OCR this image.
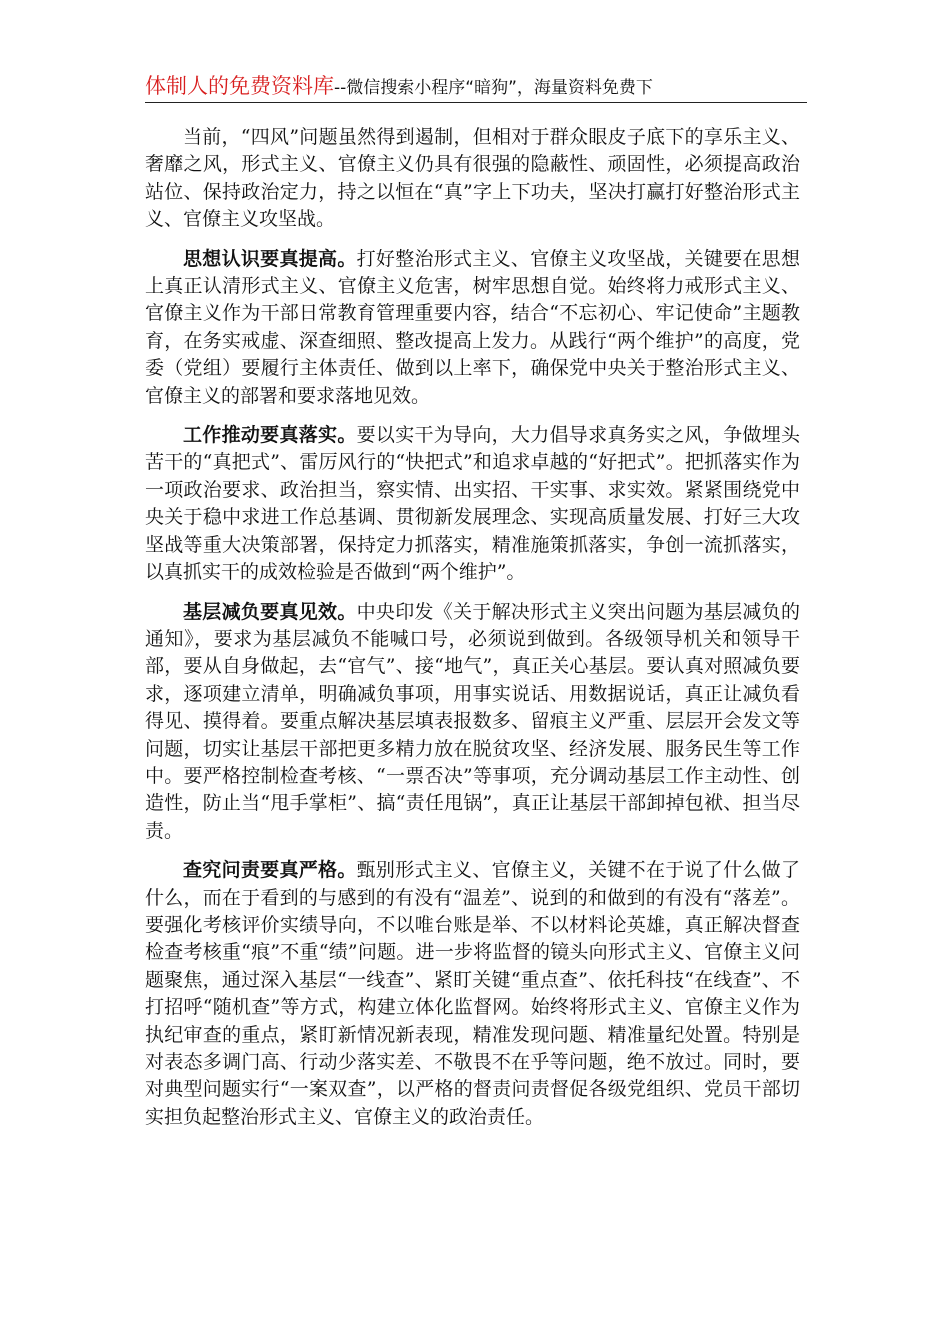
体制人的免费资料库--微信搜索小程序“暗狗”，海量资料免费下

当前，“四风”问题虽然得到遏制，但相对于群众眼皮子底下的享乐主义、奢靡之风，形式主义、官僚主义仍具有很强的隐蔽性、顽固性，必须提高政治站位、保持政治定力，持之以恒在“真”字上下功夫，坚决打赢打好整治形式主义、官僚主义攻坚战。

思想认识要真提高。打好整治形式主义、官僚主义攻坚战，关键要在思想上真正认清形式主义、官僚主义危害，树牢思想自觉。始终将力戒形式主义、官僚主义作为干部日常教育管理重要内容，结合“不忘初心、牢记使命”主题教育，在务实戒虚、深查细照、整改提高上发力。从践行“两个维护”的高度，党委（党组）要履行主体责任、做到以上率下，确保党中央关于整治形式主义、官僚主义的部署和要求落地见效。

工作推动要真落实。要以实干为导向，大力倡导求真务实之风，争做埋头苦干的“真把式”、雷厉风行的“快把式”和追求卓越的“好把式”。把抓落实作为一项政治要求、政治担当，察实情、出实招、干实事、求实效。紧紧围绕党中央关于稳中求进工作总基调、贯彻新发展理念、实现高质量发展、打好三大攻坚战等重大决策部署，保持定力抓落实，精准施策抓落实，争创一流抓落实，以真抓实干的成效检验是否做到“两个维护”。

基层减负要真见效。中央印发《关于解决形式主义突出问题为基层减负的通知》，要求为基层减负不能喊口号，必须说到做到。各级领导机关和领导干部，要从自身做起，去“官气”、接“地气”，真正关心基层。要认真对照减负要求，逐项建立清单，明确减负事项，用事实说话、用数据说话，真正让减负看得见、摸得着。要重点解决基层填表报数多、留痕主义严重、层层开会发文等问题，切实让基层干部把更多精力放在脱贫攻坚、经济发展、服务民生等工作中。要严格控制检查考核、“一票否决”等事项，充分调动基层工作主动性、创造性，防止当“甩手掌柜”、搞“责任甩锅”，真正让基层干部卸掉包袱、担当尽责。

查究问责要真严格。甄别形式主义、官僚主义，关键不在于说了什么做了什么，而在于看到的与感到的有没有“温差”、说到的和做到的有没有“落差”。要强化考核评价实绩导向，不以唯台账是举、不以材料论英雄，真正解决督查检查考核重“痕”不重“绩”问题。进一步将监督的镜头向形式主义、官僚主义问题聚焦，通过深入基层“一线查”、紧盯关键“重点查”、依托科技“在线查”、不打招呼“随机查”等方式，构建立体化监督网。始终将形式主义、官僚主义作为执纪审查的重点，紧盯新情况新表现，精准发现问题、精准量纪处置。特别是对表态多调门高、行动少落实差、不敬畏不在乎等问题，绝不放过。同时，要对典型问题实行“一案双查”，以严格的督责问责督促各级党组织、党员干部切实担负起整治形式主义、官僚主义的政治责任。
